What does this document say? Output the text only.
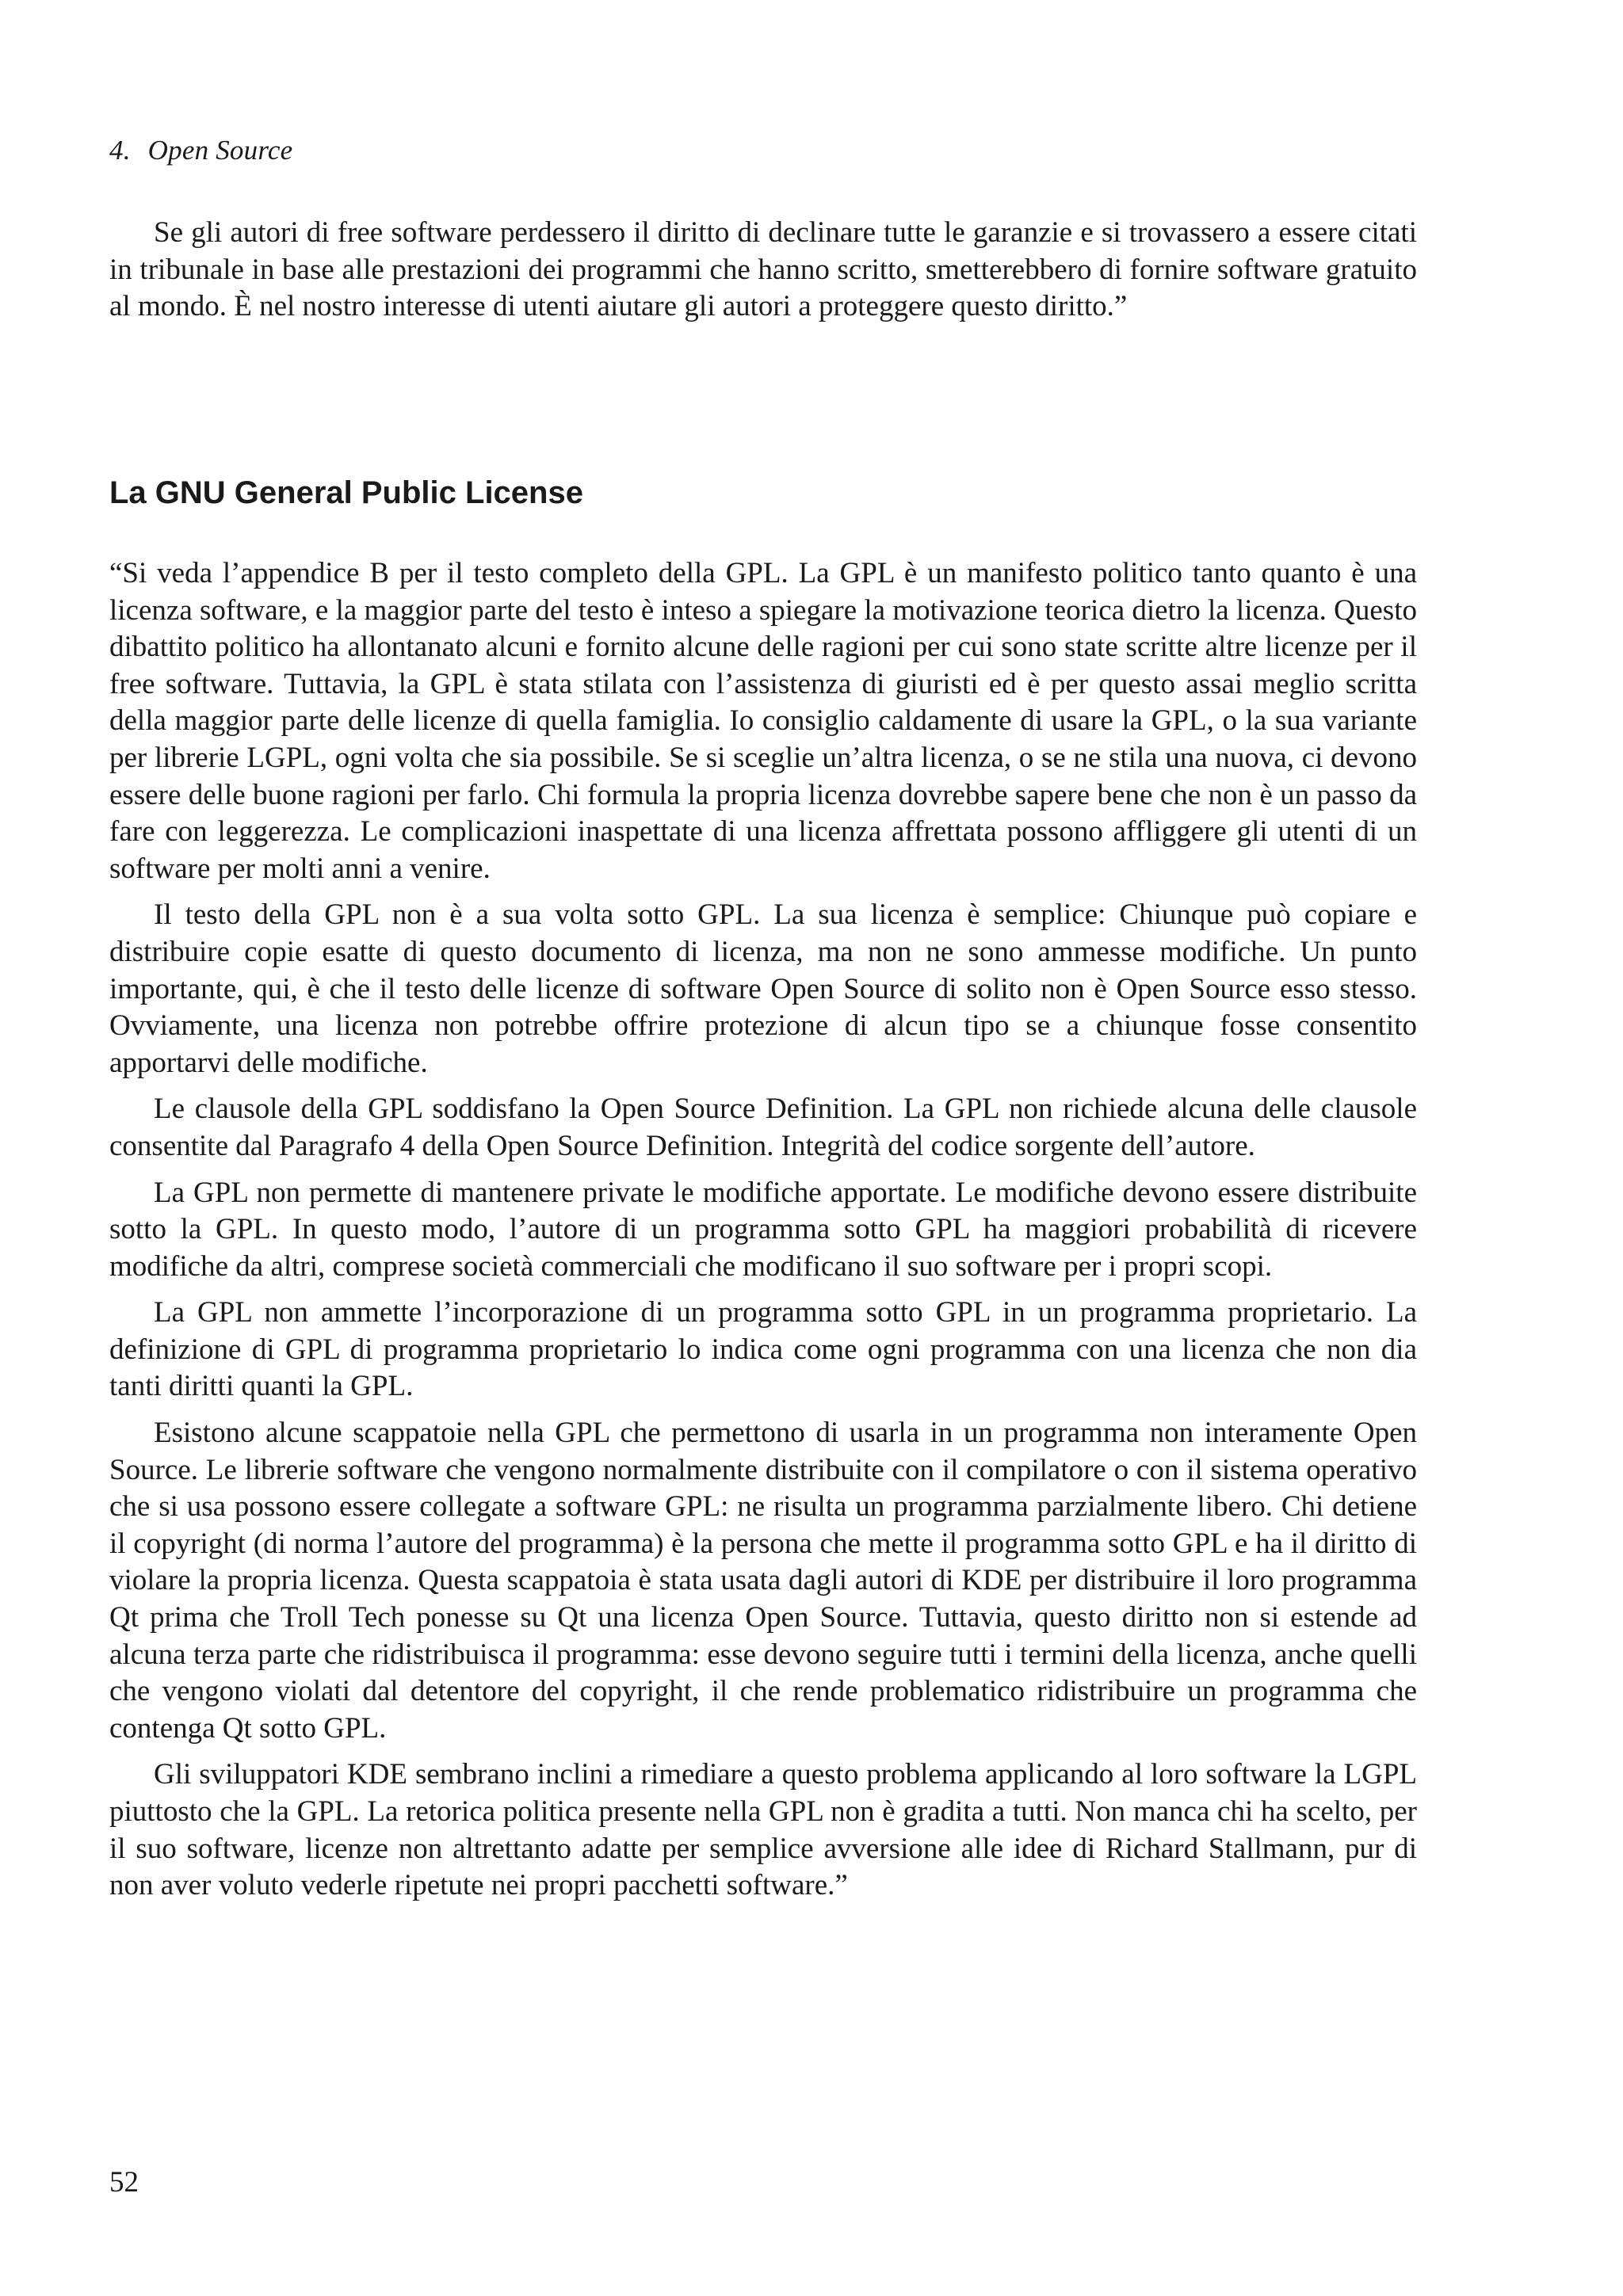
4. Open Source

Se gli autori di free software perdessero il diritto di declinare tutte le garanzie e si trovassero a essere citati in tribunale in base alle prestazioni dei programmi che hanno scritto, smetterebbero di fornire software gratuito al mondo. È nel nostro interesse di utenti aiutare gli autori a proteggere questo diritto.”

La GNU General Public License

“Si veda l’appendice B per il testo completo della GPL. La GPL è un manifesto politico tanto quanto è una licenza software, e la maggior parte del testo è inteso a spiegare la motivazione teorica dietro la licenza. Questo dibattito politico ha allontanato alcuni e fornito alcune delle ragioni per cui sono state scritte altre licenze per il free software. Tuttavia, la GPL è stata stilata con l’assistenza di giuristi ed è per questo assai meglio scritta della maggior parte delle licenze di quella famiglia. Io consiglio caldamente di usare la GPL, o la sua variante per librerie LGPL, ogni volta che sia possibile. Se si sceglie un’altra licenza, o se ne stila una nuova, ci devono essere delle buone ragioni per farlo. Chi formula la propria licenza dovrebbe sapere bene che non è un passo da fare con leggerezza. Le complicazioni inaspettate di una licenza affrettata possono affliggere gli utenti di un software per molti anni a venire.

Il testo della GPL non è a sua volta sotto GPL. La sua licenza è semplice: Chiunque può copiare e distribuire copie esatte di questo documento di licenza, ma non ne sono ammesse modifiche. Un punto importante, qui, è che il testo delle licenze di software Open Source di solito non è Open Source esso stesso. Ovviamente, una licenza non potrebbe offrire protezione di alcun tipo se a chiunque fosse consentito apportarvi delle modifiche.

Le clausole della GPL soddisfano la Open Source Definition. La GPL non richiede alcuna delle clausole consentite dal Paragrafo 4 della Open Source Definition. Integrità del codice sorgente dell’autore.

La GPL non permette di mantenere private le modifiche apportate. Le modifiche devono essere distribuite sotto la GPL. In questo modo, l’autore di un programma sotto GPL ha maggiori probabilità di ricevere modifiche da altri, comprese società commerciali che modificano il suo software per i propri scopi.

La GPL non ammette l’incorporazione di un programma sotto GPL in un programma proprietario. La definizione di GPL di programma proprietario lo indica come ogni programma con una licenza che non dia tanti diritti quanti la GPL.

Esistono alcune scappatoie nella GPL che permettono di usarla in un programma non interamente Open Source. Le librerie software che vengono normalmente distribuite con il compilatore o con il sistema operativo che si usa possono essere collegate a software GPL: ne risulta un programma parzialmente libero. Chi detiene il copyright (di norma l’autore del programma) è la persona che mette il programma sotto GPL e ha il diritto di violare la propria licenza. Questa scappatoia è stata usata dagli autori di KDE per distribuire il loro programma Qt prima che Troll Tech ponesse su Qt una licenza Open Source. Tuttavia, questo diritto non si estende ad alcuna terza parte che ridistribuisca il programma: esse devono seguire tutti i termini della licenza, anche quelli che vengono violati dal detentore del copyright, il che rende problematico ridistribuire un programma che contenga Qt sotto GPL.

Gli sviluppatori KDE sembrano inclini a rimediare a questo problema applicando al loro software la LGPL piuttosto che la GPL. La retorica politica presente nella GPL non è gradita a tutti. Non manca chi ha scelto, per il suo software, licenze non altrettanto adatte per semplice avversione alle idee di Richard Stallmann, pur di non aver voluto vederle ripetute nei propri pacchetti software.”

52
